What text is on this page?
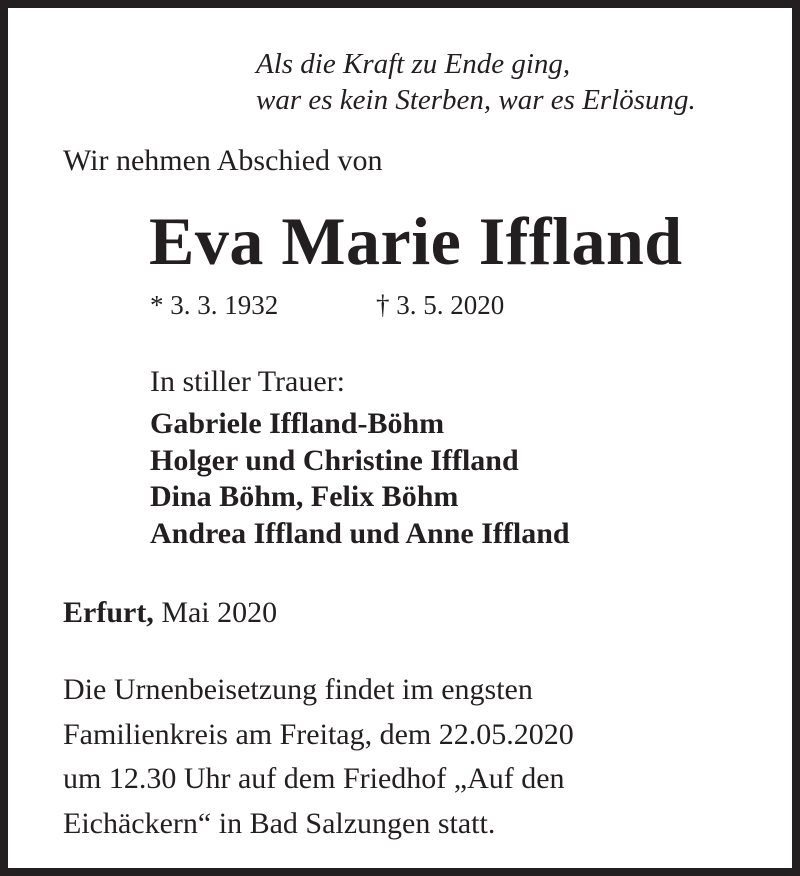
Als die Kraft zu Ende ging,
war es kein Sterben, war es Erlösung.
Wir nehmen Abschied von
Eva Marie Iffland
* 3. 3. 1932	† 3. 5. 2020
In stiller Trauer:
Gabriele Iffland-Böhm
Holger und Christine Iffland
Dina Böhm, Felix Böhm
Andrea Iffland und Anne Iffland
Erfurt, Mai 2020
Die Urnenbeisetzung findet im engsten
Familienkreis am Freitag, dem 22.05.2020
um 12.30 Uhr auf dem Friedhof „Auf den
Eichäckern“ in Bad Salzungen statt.
